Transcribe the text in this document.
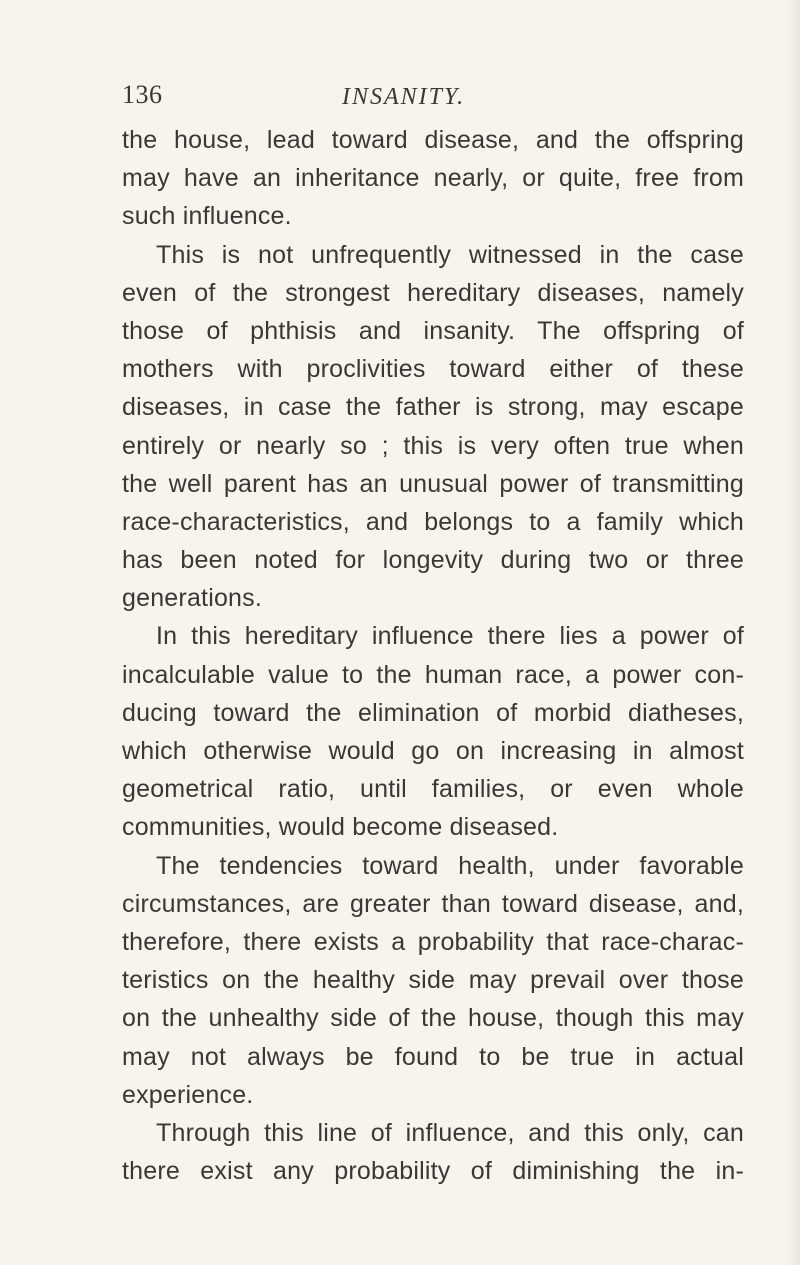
136	INSANITY.
the house, lead toward disease, and the offspring
may have an inheritance nearly, or quite, free from
such influence.
This is not unfrequently witnessed in the case
even of the strongest hereditary diseases, namely
those of phthisis and insanity. The offspring of
mothers with proclivities toward either of these
diseases, in case the father is strong, may escape
entirely or nearly so ; this is very often true when
the well parent has an unusual power of transmitting
race-characteristics, and belongs to a family which
has been noted for longevity during two or three
generations.
In this hereditary influence there lies a power of
incalculable value to the human race, a power con-
ducing toward the elimination of morbid diatheses,
which otherwise would go on increasing in almost
geometrical ratio, until families, or even whole
communities, would become diseased.
The tendencies toward health, under favorable
circumstances, are greater than toward disease, and,
therefore, there exists a probability that race-charac-
teristics on the healthy side may prevail over those
on the unhealthy side of the house, though this may
may not always be found to be true in actual
experience.
Through this line of influence, and this only, can
there exist any probability of diminishing the in-
